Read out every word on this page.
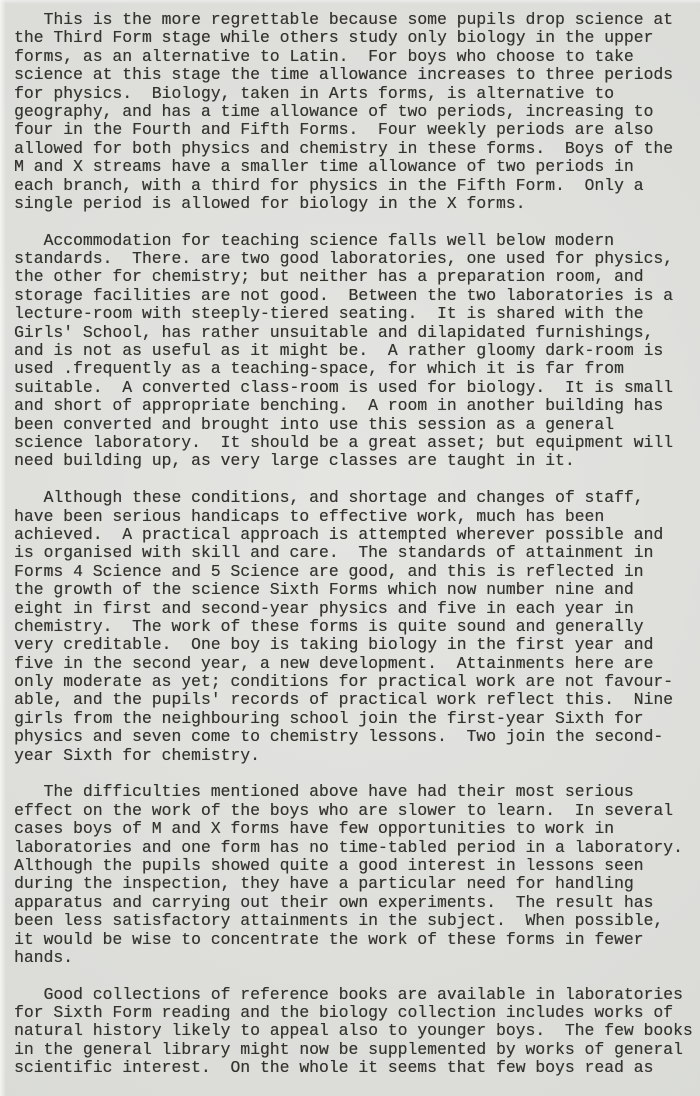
This is the more regrettable because some pupils drop science at
the Third Form stage while others study only biology in the upper
forms, as an alternative to Latin.  For boys who choose to take
science at this stage the time allowance increases to three periods
for physics.  Biology, taken in Arts forms, is alternative to
geography, and has a time allowance of two periods, increasing to
four in the Fourth and Fifth Forms.  Four weekly periods are also
allowed for both physics and chemistry in these forms.  Boys of the
M and X streams have a smaller time allowance of two periods in
each branch, with a third for physics in the Fifth Form.  Only a
single period is allowed for biology in the X forms.

Accommodation for teaching science falls well below modern
standards.  There. are two good laboratories, one used for physics,
the other for chemistry; but neither has a preparation room, and
storage facilities are not good.  Between the two laboratories is a
lecture-room with steeply-tiered seating.  It is shared with the
Girls' School, has rather unsuitable and dilapidated furnishings,
and is not as useful as it might be.  A rather gloomy dark-room is
used .frequently as a teaching-space, for which it is far from
suitable.  A converted class-room is used for biology.  It is small
and short of appropriate benching.  A room in another building has
been converted and brought into use this session as a general
science laboratory.  It should be a great asset; but equipment will
need building up, as very large classes are taught in it.

Although these conditions, and shortage and changes of staff,
have been serious handicaps to effective work, much has been
achieved.  A practical approach is attempted wherever possible and
is organised with skill and care.  The standards of attainment in
Forms 4 Science and 5 Science are good, and this is reflected in
the growth of the science Sixth Forms which now number nine and
eight in first and second-year physics and five in each year in
chemistry.  The work of these forms is quite sound and generally
very creditable.  One boy is taking biology in the first year and
five in the second year, a new development.  Attainments here are
only moderate as yet; conditions for practical work are not favour-
able, and the pupils' records of practical work reflect this.  Nine
girls from the neighbouring school join the first-year Sixth for
physics and seven come to chemistry lessons.  Two join the second-
year Sixth for chemistry.

The difficulties mentioned above have had their most serious
effect on the work of the boys who are slower to learn.  In several
cases boys of M and X forms have few opportunities to work in
laboratories and one form has no time-tabled period in a laboratory.
Although the pupils showed quite a good interest in lessons seen
during the inspection, they have a particular need for handling
apparatus and carrying out their own experiments.  The result has
been less satisfactory attainments in the subject.  When possible,
it would be wise to concentrate the work of these forms in fewer
hands.

Good collections of reference books are available in laboratories
for Sixth Form reading and the biology collection includes works of
natural history likely to appeal also to younger boys.  The few books
in the general library might now be supplemented by works of general
scientific interest.  On the whole it seems that few boys read as
